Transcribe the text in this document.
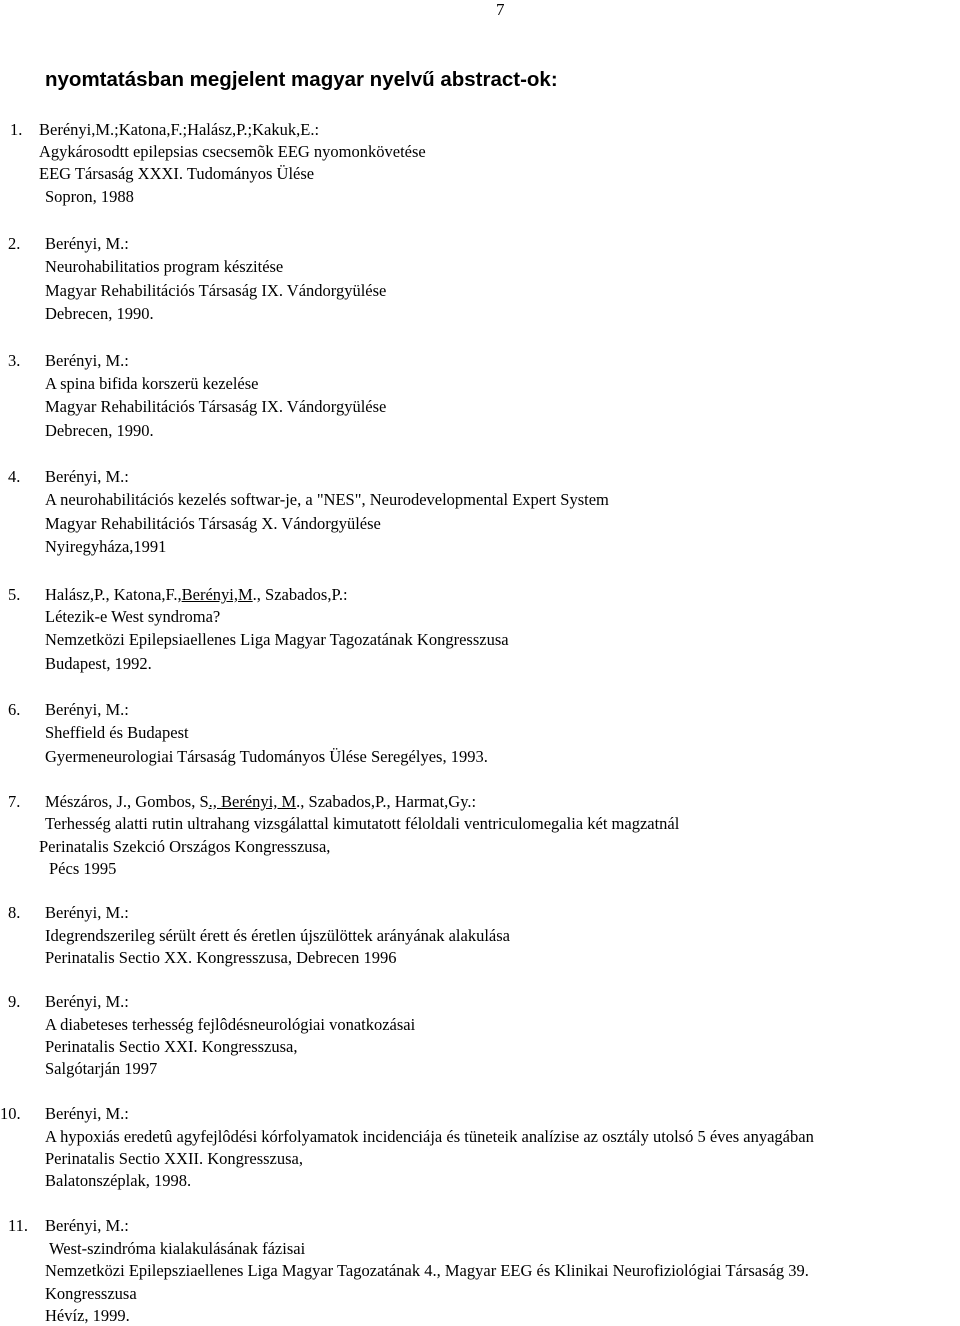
7
nyomtatásban megjelent magyar nyelvű abstract-ok:
1. Berényi,M.;Katona,F.;Halász,P.;Kakuk,E.:
Agykárosodtt epilepsias csecsemõk EEG nyomonkövetése
EEG Társaság XXXI. Tudományos Ülése
Sopron, 1988
2. Berényi, M.:
Neurohabilitatios program készitése
Magyar Rehabilitációs Társaság IX. Vándorgyülése
Debrecen, 1990.
3. Berényi, M.:
A spina bifida korszerü kezelése
Magyar Rehabilitációs Társaság IX. Vándorgyülése
Debrecen, 1990.
4. Berényi, M.:
A neurohabilitációs kezelés softwar-je, a "NES", Neurodevelopmental Expert System
Magyar Rehabilitációs Társaság X. Vándorgyülése
Nyiregyháza,1991
5. Halász,P., Katona,F.,Berényi,M., Szabados,P.:
Létezik-e West syndroma?
Nemzetközi Epilepsiaellenes Liga Magyar Tagozatának Kongresszusa
Budapest, 1992.
6. Berényi, M.:
Sheffield és Budapest
Gyermeneurologiai Társaság Tudományos Ülése Seregélyes, 1993.
7. Mészáros, J., Gombos, S., Berényi, M., Szabados,P., Harmat,Gy.:
Terhesség alatti rutin ultrahang vizsgálattal kimutatott féloldali ventriculomegalia két magzatnál
Perinatalis Szekció Országos Kongresszusa,
Pécs 1995
8. Berényi, M.:
Idegrendszerileg sérült érett és éretlen újszülöttek arányának alakulása
Perinatalis Sectio XX. Kongresszusa, Debrecen 1996
9. Berényi, M.:
A diabeteses terhesség fejlôdésneurológiai vonatkozásai
Perinatalis Sectio XXI. Kongresszusa,
Salgótarján 1997
10. Berényi, M.:
A hypoxiás eredetû agyfejlôdési kórfolyamatok incidenciája és tüneteik analízise az osztály utolsó 5 éves anyagában
Perinatalis Sectio XXII. Kongresszusa,
Balatonszéplak, 1998.
11. Berényi, M.:
West-szindróma kialakulásának fázisai
Nemzetközi Epilepsziaellenes Liga Magyar Tagozatának 4., Magyar EEG és Klinikai Neurofiziológiai Társaság 39.
Kongresszusa
Hévíz, 1999.
